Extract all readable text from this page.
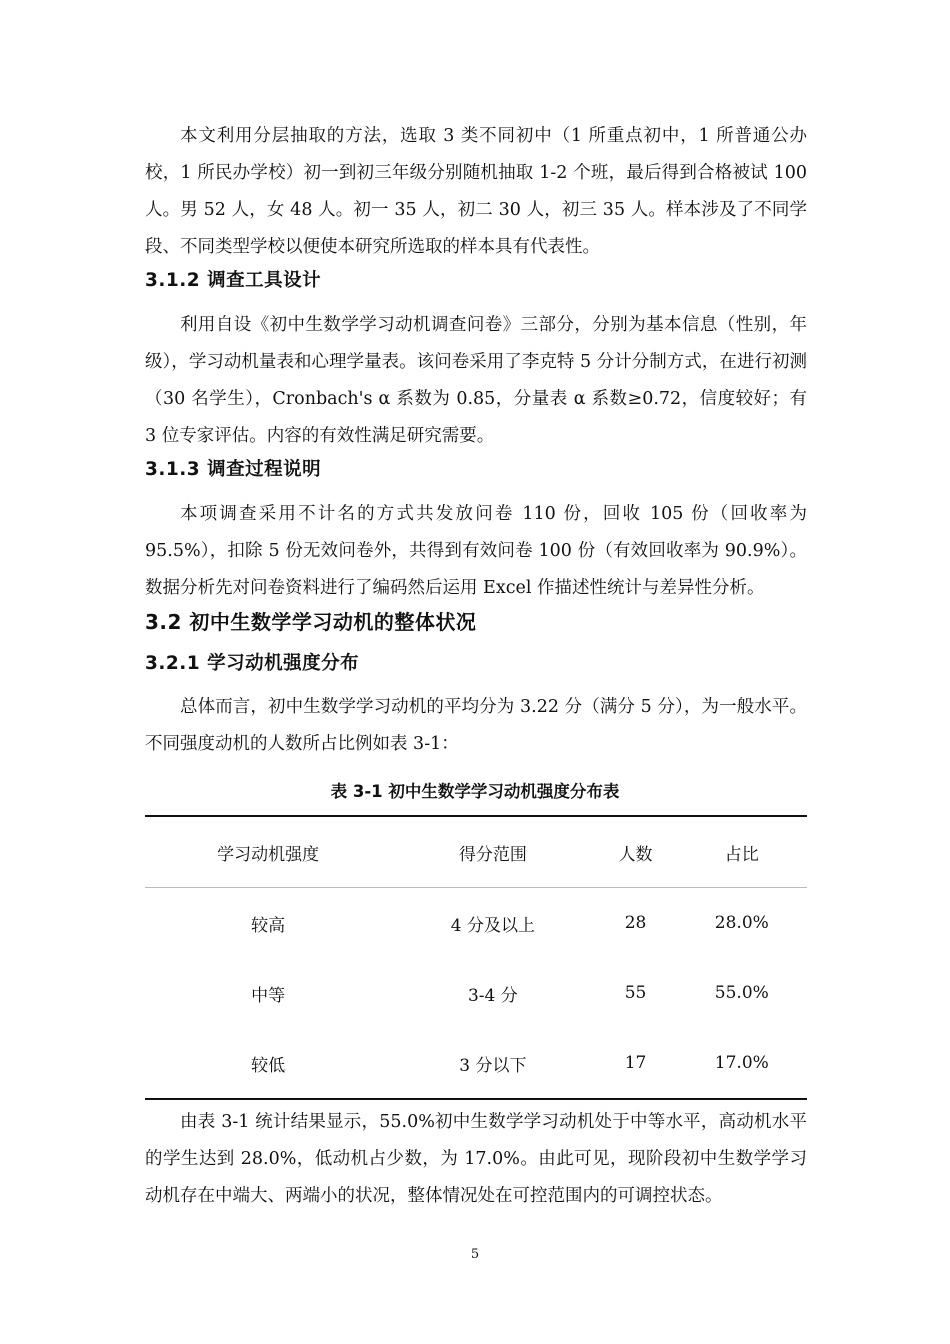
本文利用分层抽取的方法，选取 3 类不同初中（1 所重点初中，1 所普通公办校，1 所民办学校）初一到初三年级分别随机抽取 1-2 个班，最后得到合格被试 100 人。男 52 人，女 48 人。初一 35 人，初二 30 人，初三 35 人。样本涉及了不同学段、不同类型学校以便使本研究所选取的样本具有代表性。

3.1.2 调查工具设计

利用自设《初中生数学学习动机调查问卷》三部分，分别为基本信息（性别，年级），学习动机量表和心理学量表。该问卷采用了李克特 5 分计分制方式，在进行初测（30 名学生），Cronbach's α 系数为 0.85，分量表 α 系数≥0.72，信度较好；有 3 位专家评估。内容的有效性满足研究需要。

3.1.3 调查过程说明

本项调查采用不计名的方式共发放问卷 110 份，回收 105 份（回收率为 95.5%），扣除 5 份无效问卷外，共得到有效问卷 100 份（有效回收率为 90.9%）。数据分析先对问卷资料进行了编码然后运用 Excel 作描述性统计与差异性分析。

3.2 初中生数学学习动机的整体状况
3.2.1 学习动机强度分布

总体而言，初中生数学学习动机的平均分为 3.22 分（满分 5 分），为一般水平。不同强度动机的人数所占比例如表 3-1：

表 3-1 初中生数学学习动机强度分布表
学习动机强度	得分范围	人数	占比
较高	4 分及以上	28	28.0%
中等	3-4 分	55	55.0%
较低	3 分以下	17	17.0%

由表 3-1 统计结果显示，55.0%初中生数学学习动机处于中等水平，高动机水平的学生达到 28.0%，低动机占少数，为 17.0%。由此可见，现阶段初中生数学学习动机存在中端大、两端小的状况，整体情况处在可控范围内的可调控状态。

5
